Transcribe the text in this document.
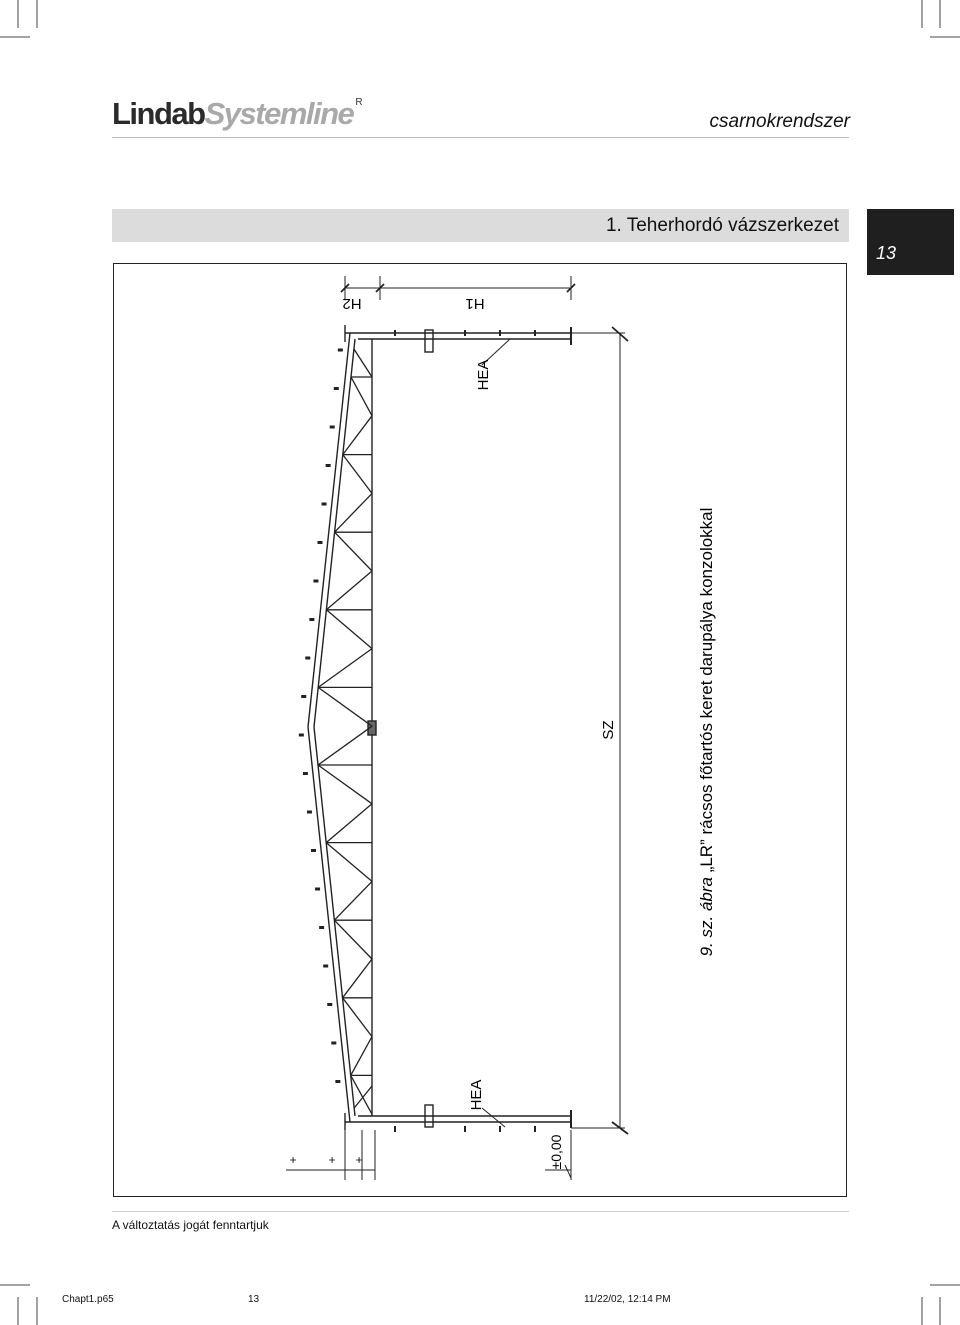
LindabSystemline $^R$
csarnokrendszer
1. Teherhordó vázszerkezet
13
H2	H1
HEA
HEA
SZ
±0,00
+ + +
9. sz. ábra „LR” rácsos főtartós keret darupálya konzolokkal
A változtatás jogát fenntartjuk
Chapt1.p65	13	11/22/02, 12:14 PM
